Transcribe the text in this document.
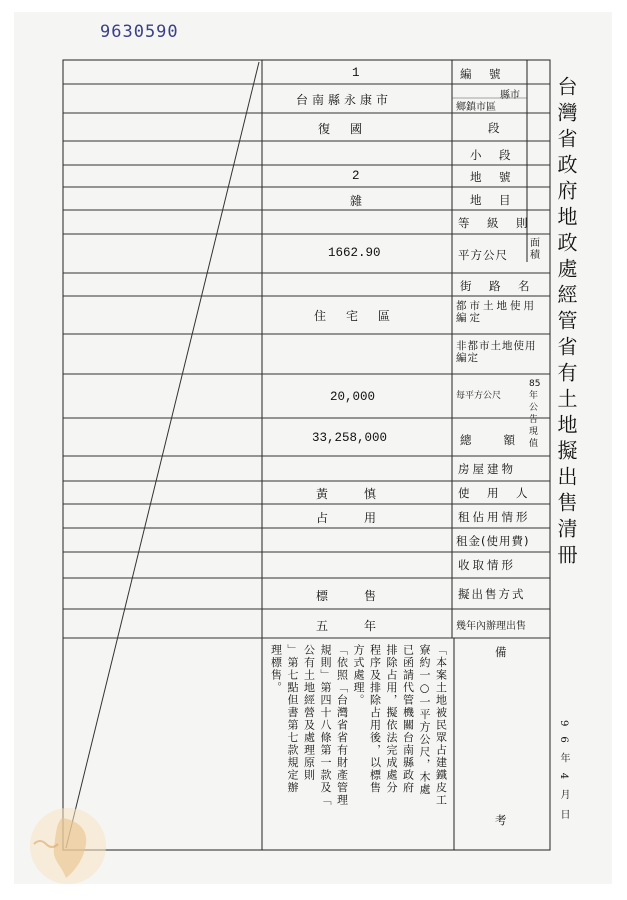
9630590
台灣省政府地政處經管省有土地擬出售清冊
編　號
縣市
鄉鎮市區
段
小　段
地　號
地　目
等　級　則
面積
平方公尺
街　路　名
都市土地使用編定
非都市土地使用編定
每平方公尺
85年公告現值
總　　額
房屋建物
使　用　人
租佔用情形
租金(使用費)
收取情形
擬出售方式
幾年內辦理出售
備
考
1
台南縣永康市
復　國
2
雜
1662.90
住　宅　區
20,000
33,258,000
黃　　慎
占　　用
標　　售
五　　年
「本案土地被民眾占建鐵皮工
寮約一○一平方公尺，木處
已函請代管機關台南縣政府
排除占用，擬依法完成處分
程序及排除占用後，以標售
方式處理。
「依照「台灣省省有財產管理
規則」第四十八條第一款及「
公有土地經營及處理原則
」第七點但書第七款規定辦
理標售。
96年4月日
